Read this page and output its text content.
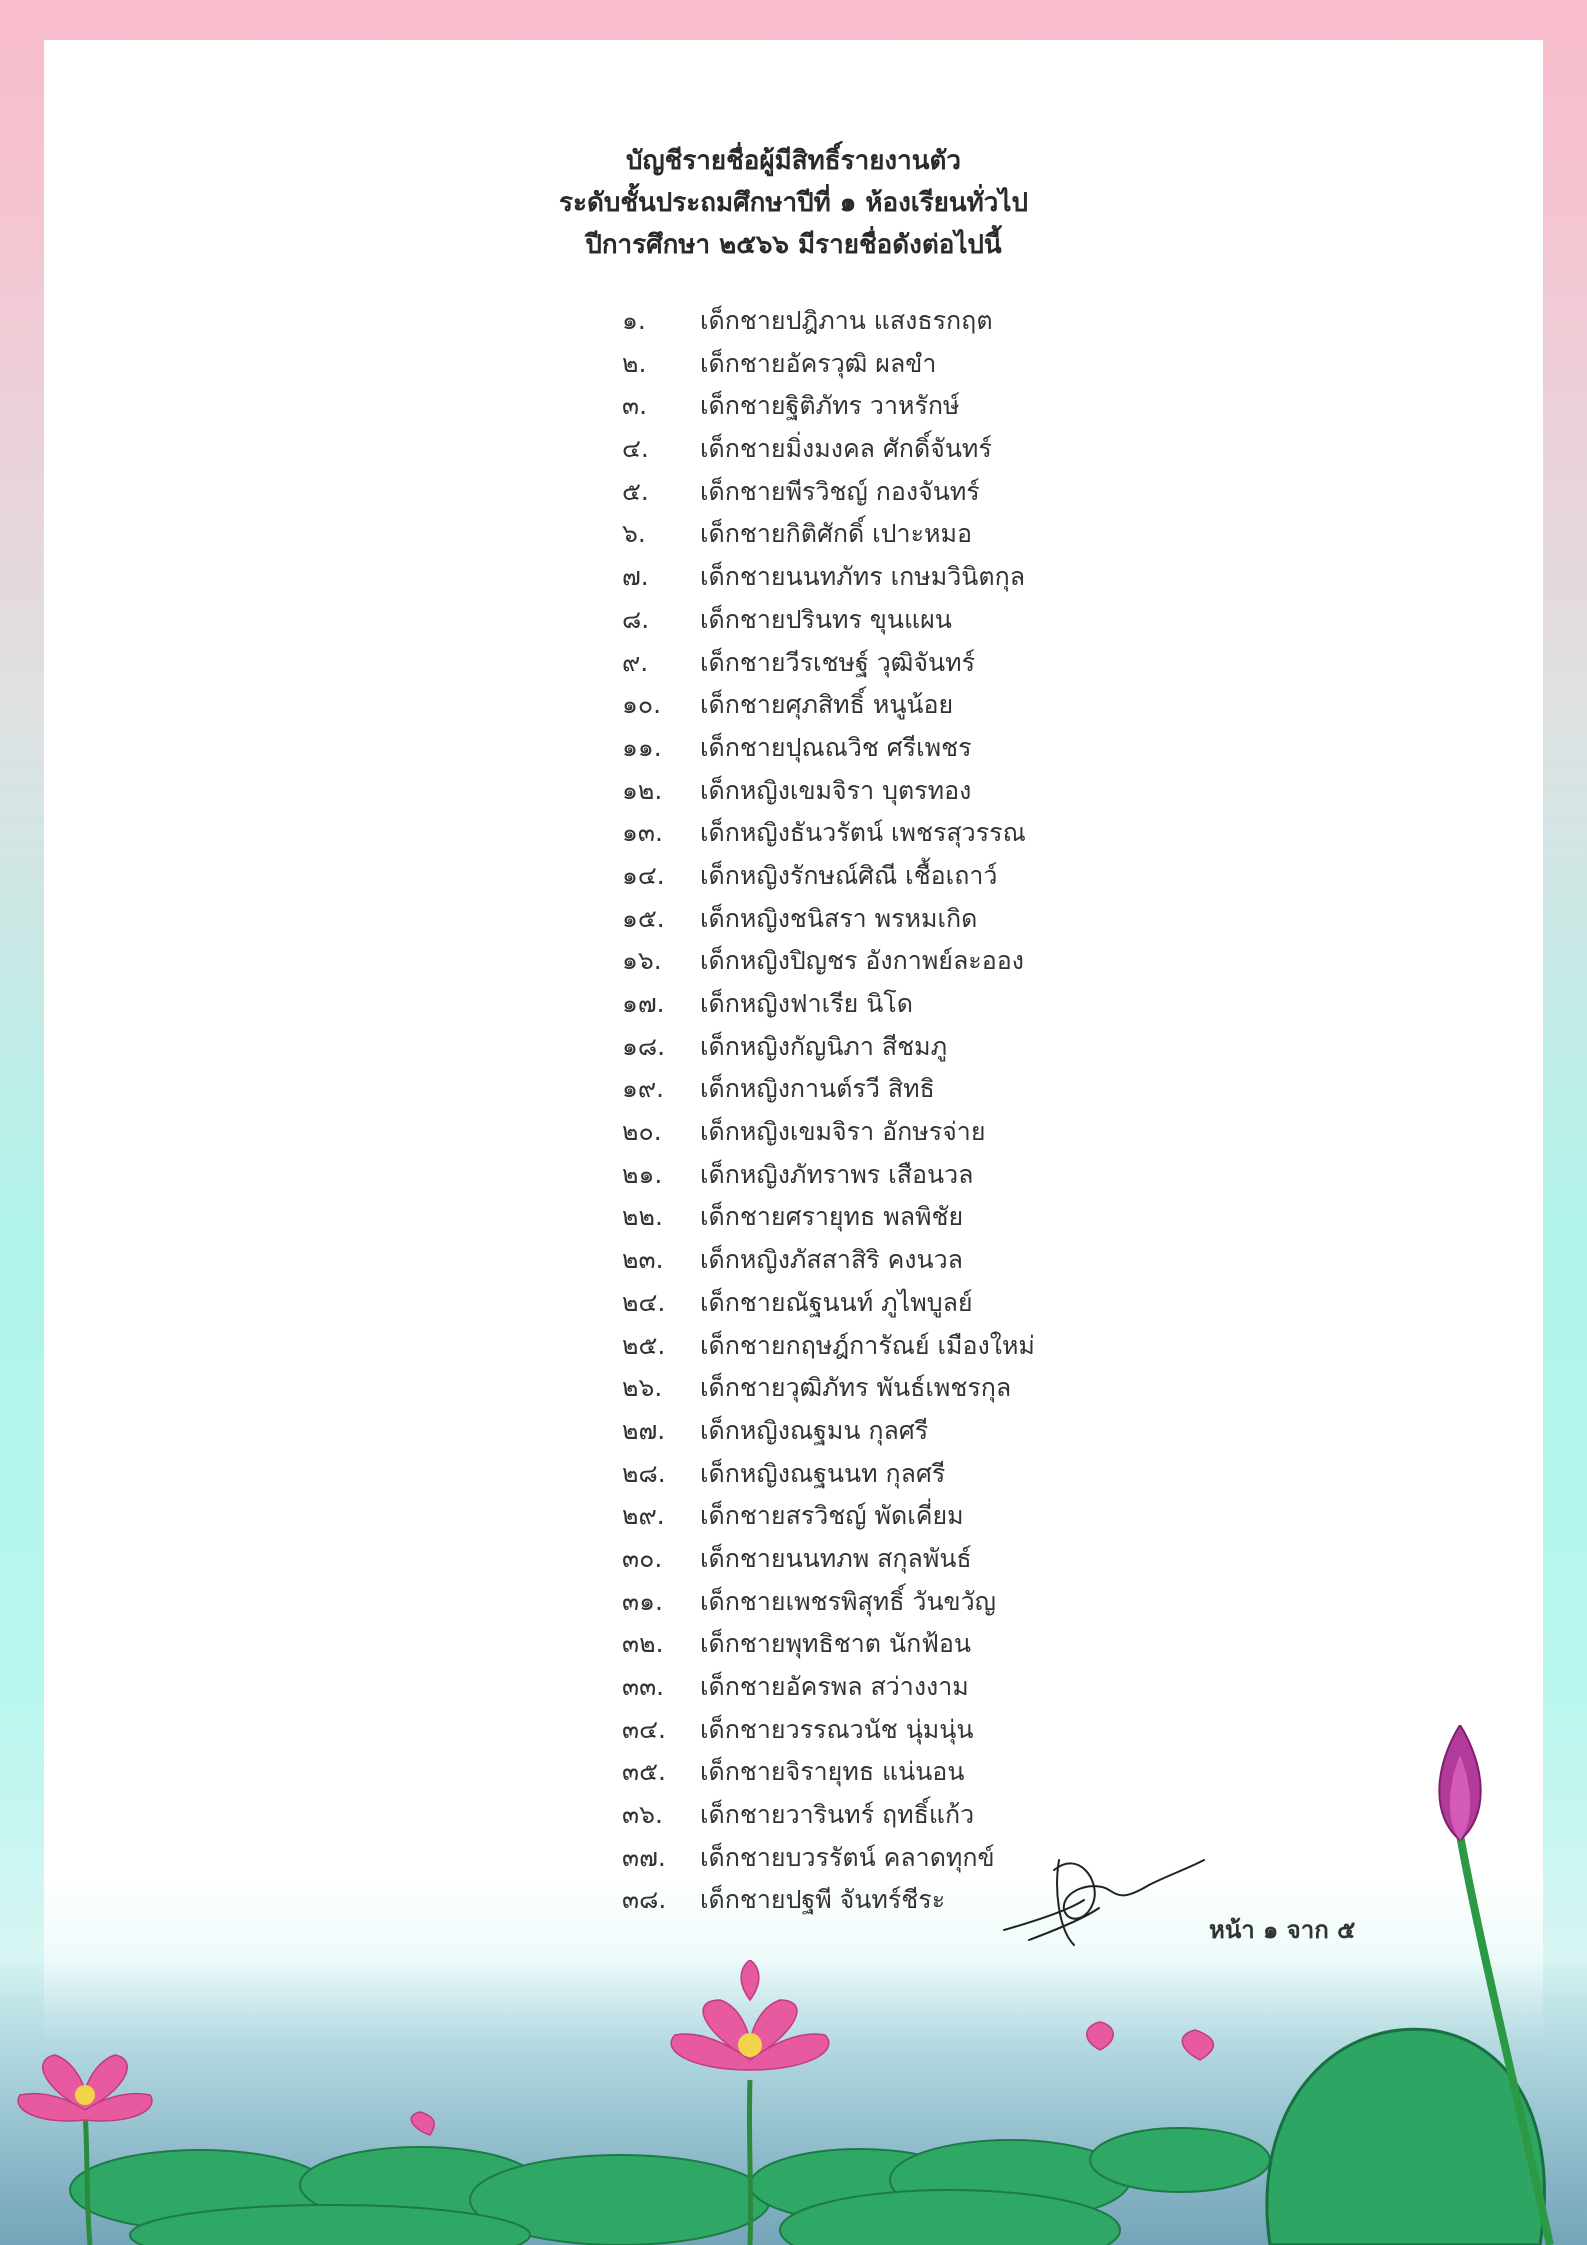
บัญชีรายชื่อผู้มีสิทธิ์รายงานตัว
ระดับชั้นประถมศึกษาปีที่ ๑ ห้องเรียนทั่วไป
ปีการศึกษา ๒๕๖๖ มีรายชื่อดังต่อไปนี้
๑. เด็กชายปฎิภาน แสงธรกฤต
๒. เด็กชายอัครวุฒิ ผลขำ
๓. เด็กชายฐิติภัทร วาหรักษ์
๔. เด็กชายมิ่งมงคล ศักดิ์จันทร์
๕. เด็กชายพีรวิชญ์ กองจันทร์
๖. เด็กชายกิติศักดิ์ เปาะหมอ
๗. เด็กชายนนทภัทร เกษมวินิตกุล
๘. เด็กชายปรินทร ขุนแผน
๙. เด็กชายวีรเชษฐ์ วุฒิจันทร์
๑๐. เด็กชายศุภสิทธิ์ หนูน้อย
๑๑. เด็กชายปุณณวิช ศรีเพชร
๑๒. เด็กหญิงเขมจิรา บุตรทอง
๑๓. เด็กหญิงธันวรัตน์ เพชรสุวรรณ
๑๔. เด็กหญิงรักษณ์ศิณี เชื้อเถาว์
๑๕. เด็กหญิงชนิสรา พรหมเกิด
๑๖. เด็กหญิงปิญชร อังกาพย์ละออง
๑๗. เด็กหญิงฟาเรีย นิโด
๑๘. เด็กหญิงกัญนิภา สีชมภู
๑๙. เด็กหญิงกานต์รวี สิทธิ
๒๐. เด็กหญิงเขมจิรา อักษรจ่าย
๒๑. เด็กหญิงภัทราพร เสือนวล
๒๒. เด็กชายศรายุทธ พลพิชัย
๒๓. เด็กหญิงภัสสาสิริ คงนวล
๒๔. เด็กชายณัฐนนท์ ภูไพบูลย์
๒๕. เด็กชายกฤษฎ์การัณย์ เมืองใหม่
๒๖. เด็กชายวุฒิภัทร พันธ์เพชรกุล
๒๗. เด็กหญิงณฐมน กุลศรี
๒๘. เด็กหญิงณฐนนท กุลศรี
๒๙. เด็กชายสรวิชญ์ พัดเคี่ยม
๓๐. เด็กชายนนทภพ สกุลพันธ์
๓๑. เด็กชายเพชรพิสุทธิ์ วันขวัญ
๓๒. เด็กชายพุทธิชาต นักฟ้อน
๓๓. เด็กชายอัครพล สว่างงาม
๓๔. เด็กชายวรรณวนัช นุ่มนุ่น
๓๕. เด็กชายจิรายุทธ แน่นอน
๓๖. เด็กชายวารินทร์ ฤทธิ์แก้ว
๓๗. เด็กชายบวรรัตน์ คลาดทุกข์
๓๘. เด็กชายปฐพี จันทร์ชีระ
หน้า ๑ จาก ๕
